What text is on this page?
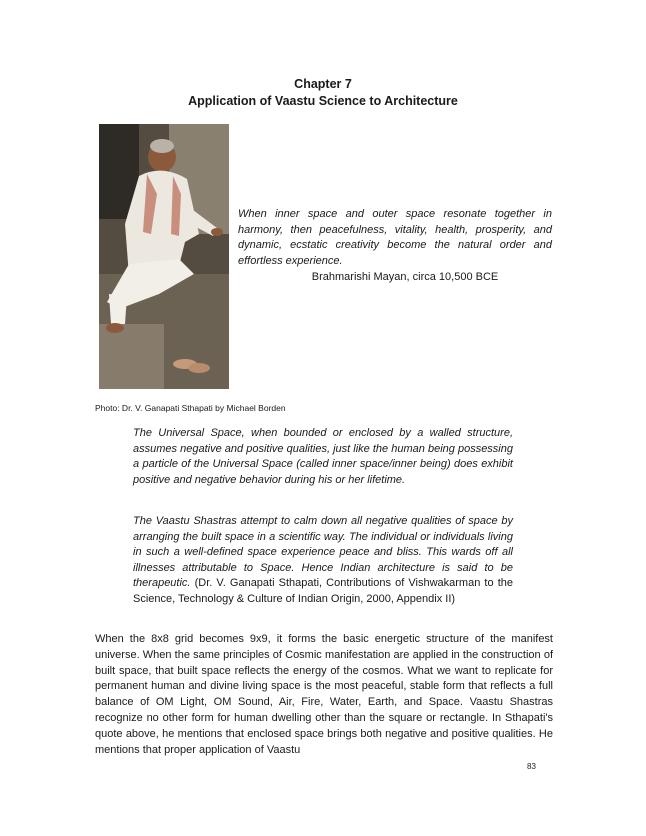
Chapter 7
Application of Vaastu Science to Architecture

When inner space and outer space resonate together in harmony, then peacefulness, vitality, health, prosperity, and dynamic, ecstatic creativity become the natural order and effortless experience.

Brahmarishi Mayan, circa 10,500 BCE
Photo: Dr. V. Ganapati Sthapati by Michael Borden

The Universal Space, when bounded or enclosed by a walled structure, assumes negative and positive qualities, just like the human being possessing a particle of the Universal Space (called inner space/inner being) does exhibit positive and negative behavior during his or her lifetime.

The Vaastu Shastras attempt to calm down all negative qualities of space by arranging the built space in a scientific way. The individual or individuals living in such a well-defined space experience peace and bliss. This wards off all illnesses attributable to Space. Hence Indian architecture is said to be therapeutic. (Dr. V. Ganapati Sthapati, Contributions of Vishwakarman to the Science, Technology & Culture of Indian Origin, 2000, Appendix II)

When the 8x8 grid becomes 9x9, it forms the basic energetic structure of the manifest universe. When the same principles of Cosmic manifestation are applied in the construction of built space, that built space reflects the energy of the cosmos. What we want to replicate for permanent human and divine living space is the most peaceful, stable form that reflects a full balance of OM Light, OM Sound, Air, Fire, Water, Earth, and Space. Vaastu Shastras recognize no other form for human dwelling other than the square or rectangle. In Sthapati's quote above, he mentions that enclosed space brings both negative and positive qualities. He mentions that proper application of Vaastu

83
